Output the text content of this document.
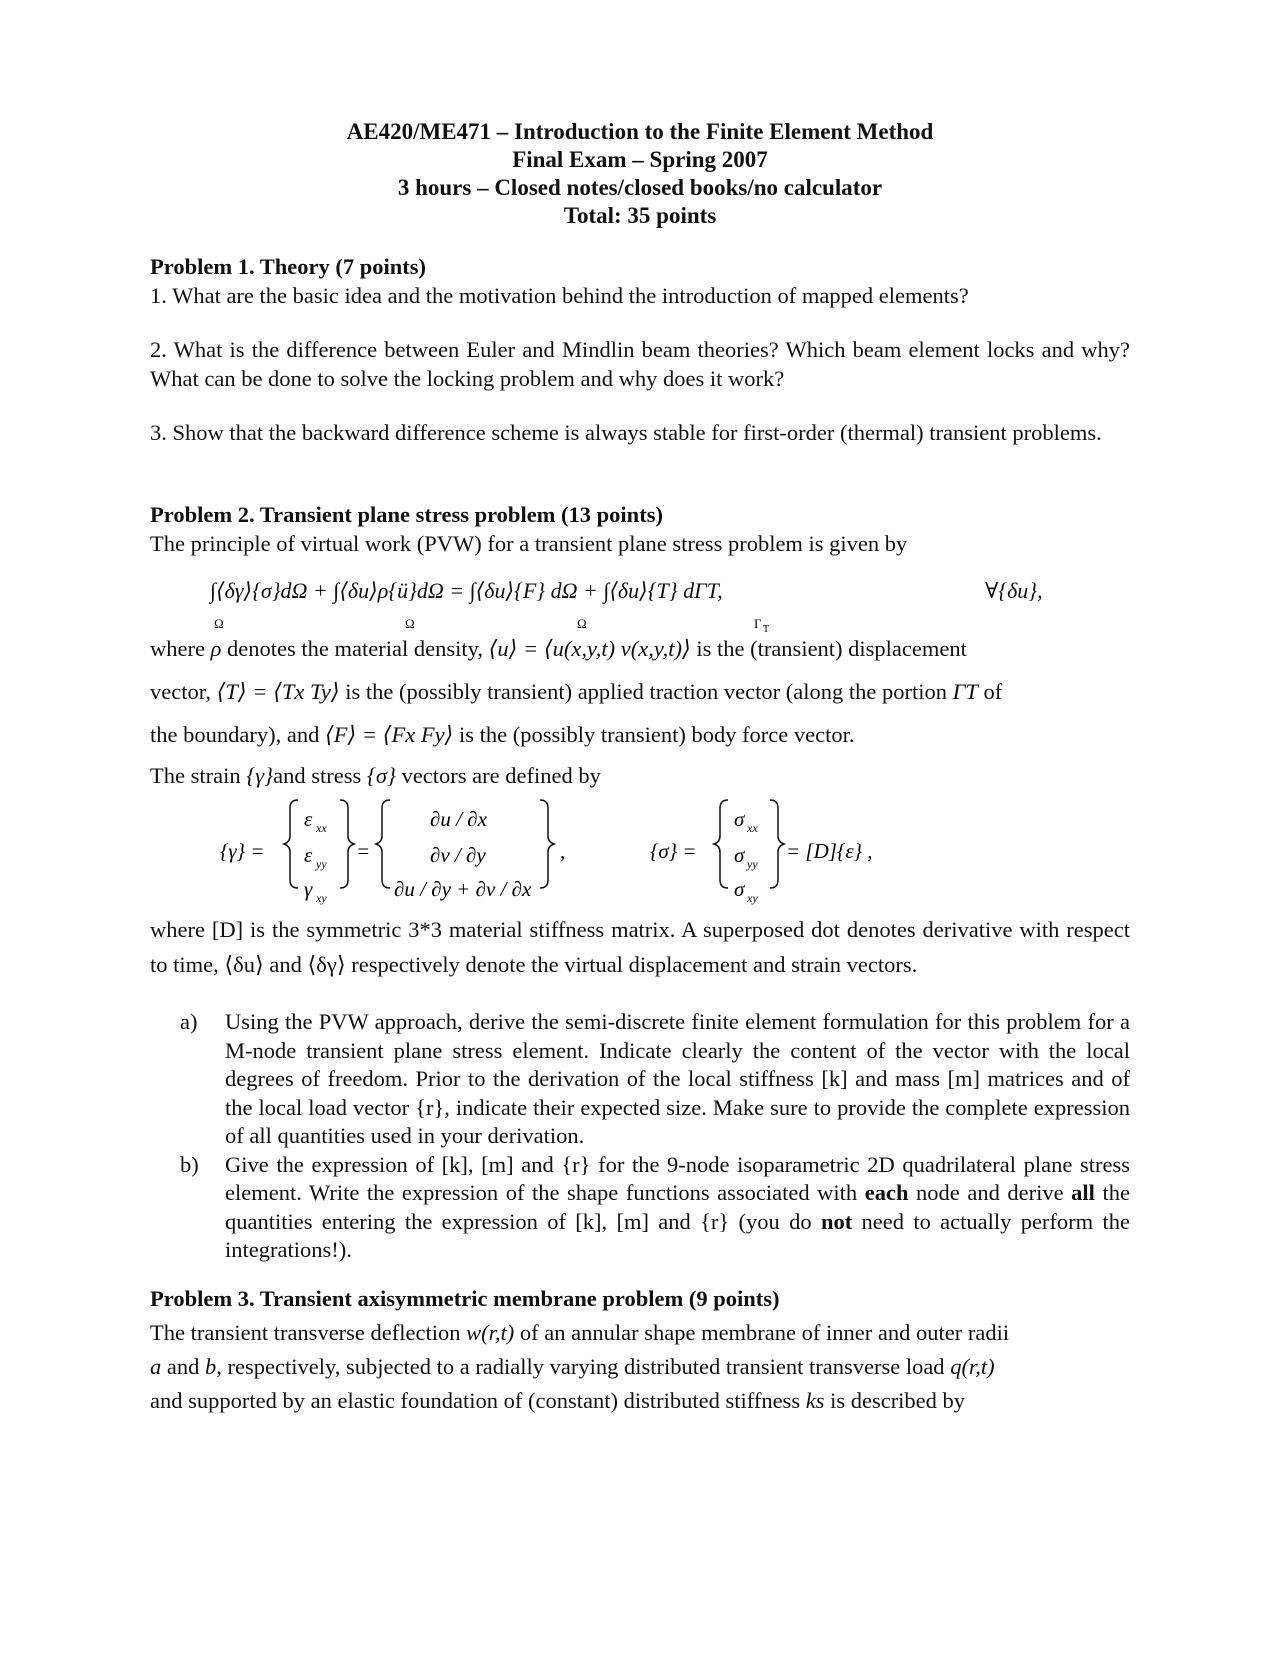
AE420/ME471 – Introduction to the Finite Element Method
Final Exam – Spring 2007
3 hours – Closed notes/closed books/no calculator
Total: 35 points
Problem 1. Theory (7 points)
1. What are the basic idea and the motivation behind the introduction of mapped elements?
2. What is the difference between Euler and Mindlin beam theories? Which beam element locks and why? What can be done to solve the locking problem and why does it work?
3. Show that the backward difference scheme is always stable for first-order (thermal) transient problems.
Problem 2. Transient plane stress problem (13 points)
The principle of virtual work (PVW) for a transient plane stress problem is given by
∫⟨δγ⟩{σ}dΩ + ∫⟨δu⟩ρ{ü}dΩ = ∫⟨δu⟩{F} dΩ + ∫⟨δu⟩{T} dΓT,	∀{δu},
Ω	Ω	Ω	Γ T
where ρ denotes the material density, ⟨u⟩ = ⟨u(x,y,t) v(x,y,t)⟩ is the (transient) displacement
vector, ⟨T⟩ = ⟨Tx Ty⟩ is the (possibly transient) applied traction vector (along the portion ΓT of
the boundary), and ⟨F⟩ = ⟨Fx Fy⟩ is the (possibly transient) body force vector.
The strain {γ}and stress {σ} vectors are defined by
{γ} =
ε xx
ε yy
γ xy
=
∂u / ∂x
∂v / ∂y
∂u / ∂y + ∂v / ∂x
,	{σ} =
σ xx
σ yy
σ xy
= [D]{ε} ,
where [D] is the symmetric 3*3 material stiffness matrix. A superposed dot denotes derivative with respect to time, ⟨δu⟩ and ⟨δγ⟩ respectively denote the virtual displacement and strain vectors.
a) Using the PVW approach, derive the semi-discrete finite element formulation for this problem for a M-node transient plane stress element. Indicate clearly the content of the vector with the local degrees of freedom. Prior to the derivation of the local stiffness [k] and mass [m] matrices and of the local load vector {r}, indicate their expected size. Make sure to provide the complete expression of all quantities used in your derivation.
b) Give the expression of [k], [m] and {r} for the 9-node isoparametric 2D quadrilateral plane stress element. Write the expression of the shape functions associated with each node and derive all the quantities entering the expression of [k], [m] and {r} (you do not need to actually perform the integrations!).
Problem 3. Transient axisymmetric membrane problem (9 points)
The transient transverse deflection w(r,t) of an annular shape membrane of inner and outer radii
a and b, respectively, subjected to a radially varying distributed transient transverse load q(r,t)
and supported by an elastic foundation of (constant) distributed stiffness ks is described by
